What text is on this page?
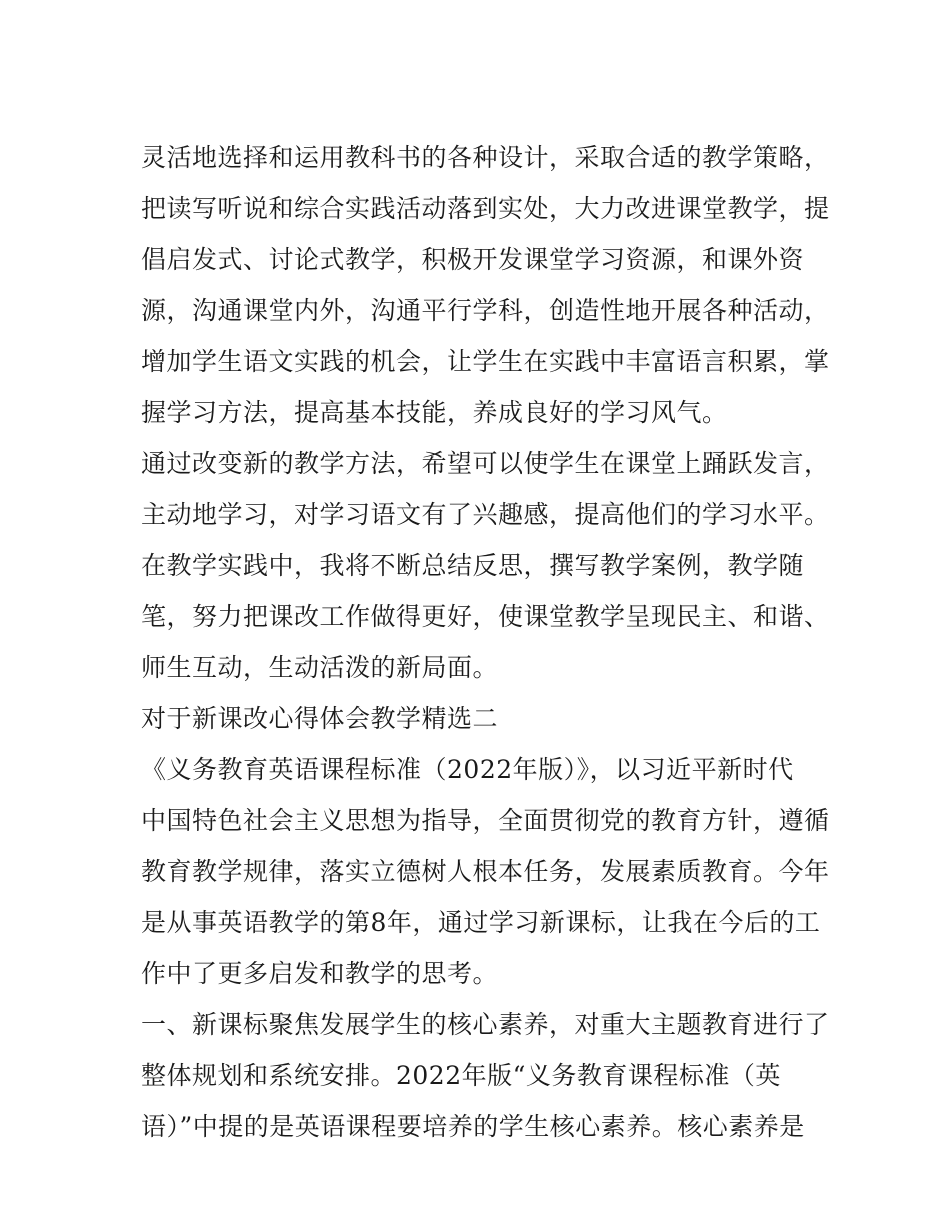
灵活地选择和运用教科书的各种设计，采取合适的教学策略，
把读写听说和综合实践活动落到实处，大力改进课堂教学，提
倡启发式、讨论式教学，积极开发课堂学习资源，和课外资
源，沟通课堂内外，沟通平行学科，创造性地开展各种活动，
增加学生语文实践的机会，让学生在实践中丰富语言积累，掌
握学习方法，提高基本技能，养成良好的学习风气。
通过改变新的教学方法，希望可以使学生在课堂上踊跃发言，
主动地学习，对学习语文有了兴趣感，提高他们的学习水平。
在教学实践中，我将不断总结反思，撰写教学案例，教学随
笔，努力把课改工作做得更好，使课堂教学呈现民主、和谐、
师生互动，生动活泼的新局面。
对于新课改心得体会教学精选二
《义务教育英语课程标准（2022年版）》，以习近平新时代
中国特色社会主义思想为指导，全面贯彻党的教育方针，遵循
教育教学规律，落实立德树人根本任务，发展素质教育。今年
是从事英语教学的第8年，通过学习新课标，让我在今后的工
作中了更多启发和教学的思考。
一、新课标聚焦发展学生的核心素养，对重大主题教育进行了
整体规划和系统安排。2022年版“义务教育课程标准（英
语）”中提的是英语课程要培养的学生核心素养。核心素养是
